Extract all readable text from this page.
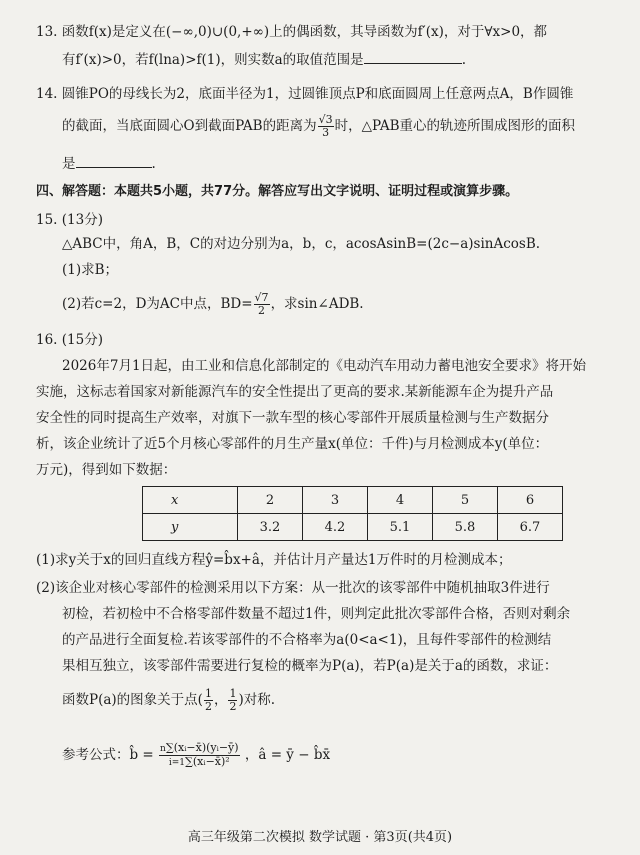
13. 函数f(x)是定义在(−∞,0)∪(0,+∞)上的偶函数，其导函数为f′(x)，对于∀x>0，都
有f′(x)>0，若f(lna)>f(1)，则实数a的取值范围是	.
14. 圆锥PO的母线长为2，底面半径为1，过圆锥顶点P和底面圆周上任意两点A，B作圆锥
的截面，当底面圆心O到截面PAB的距离为 $\frac{√3}{3}$ 时，△PAB重心的轨迹所围成图形的面积
是	.
四、解答题：本题共5小题，共77分。解答应写出文字说明、证明过程或演算步骤。
15. (13分)
△ABC中，角A，B，C的对边分别为a，b，c，acosAsinB=(2c−a)sinAcosB.
(1)求B；
(2)若c=2，D为AC中点，$BD= \frac{√7}{2}$ ，求sin∠ADB.
16. (15分)
2026年7月1日起，由工业和信息化部制定的《电动汽车用动力蓄电池安全要求》将开始
实施，这标志着国家对新能源汽车的安全性提出了更高的要求.某新能源车企为提升产品
安全性的同时提高生产效率，对旗下一款车型的核心零部件开展质量检测与生产数据分
析，该企业统计了近5个月核心零部件的月生产量x(单位：千件)与月检测成本y(单位：
万元)，得到如下数据：
x	2	3	4	5	6
y	3.2	4.2	5.1	5.8	6.7
(1)求y关于x的回归直线方程ŷ=b̂x+â，并估计月产量达1万件时的月检测成本；
(2)该企业对核心零部件的检测采用以下方案：从一批次的该零部件中随机抽取3件进行
初检，若初检中不合格零部件数量不超过1件，则判定此批次零部件合格，否则对剩余
的产品进行全面复检.若该零部件的不合格率为a(0<a<1)，且每件零部件的检测结
果相互独立，该零部件需要进行复检的概率为P(a)，若P(a)是关于a的函数，求证：
函数P(a)的图象关于点( $\frac{1}{2}$ ， $\frac{1}{2}$ )对称.
参考公式：b̂ = $\frac{\text{n∑(xᵢ−x̄)(yᵢ−ȳ)}}{\text{i=1∑(xᵢ−x̄)²}}$ ，â = ȳ − b̂x̄
高三年级第二次模拟 数学试题 · 第3页(共4页)
